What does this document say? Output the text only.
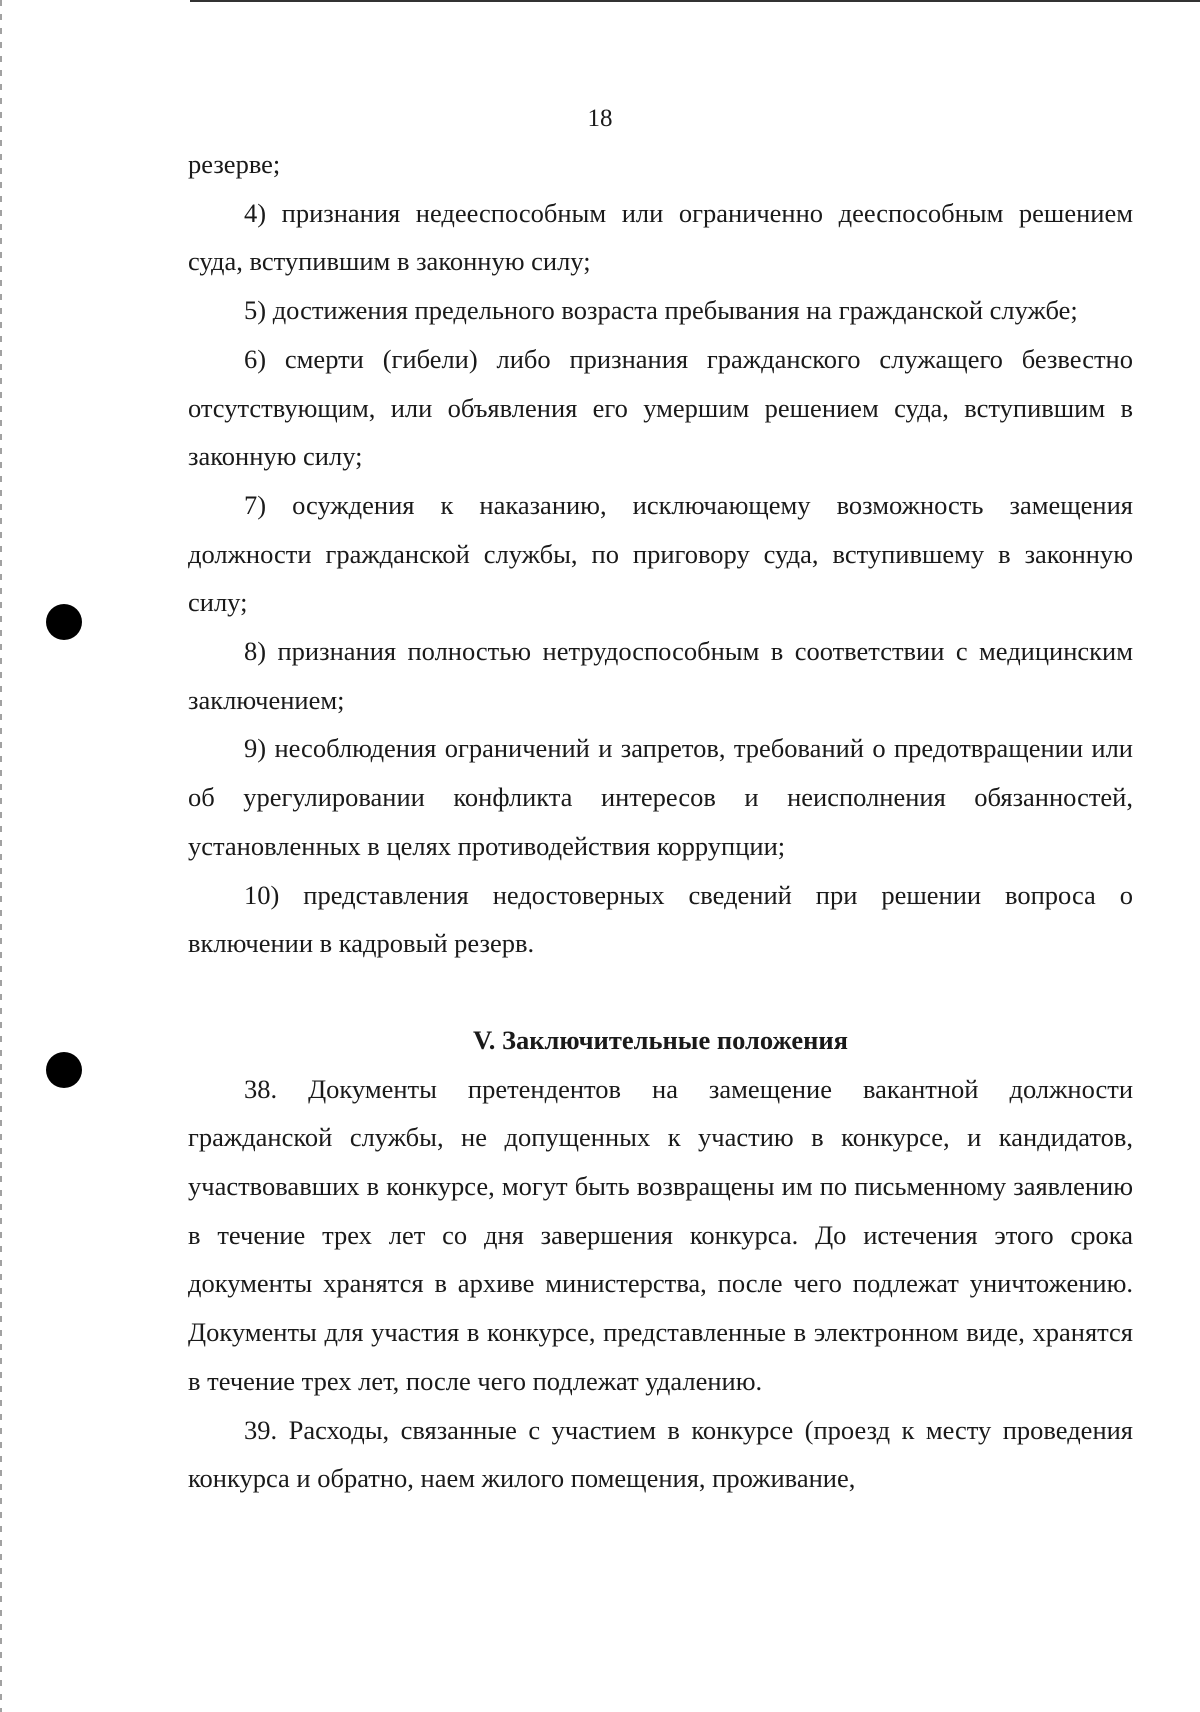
18

резерве;

4) признания недееспособным или ограниченно дееспособным решением суда, вступившим в законную силу;

5) достижения предельного возраста пребывания на гражданской службе;

6) смерти (гибели) либо признания гражданского служащего безвестно отсутствующим, или объявления его умершим решением суда, вступившим в законную силу;

7) осуждения к наказанию, исключающему возможность замещения должности гражданской службы, по приговору суда, вступившему в законную силу;

8) признания полностью нетрудоспособным в соответствии с медицинским заключением;

9) несоблюдения ограничений и запретов, требований о предотвращении или об урегулировании конфликта интересов и неисполнения обязанностей, установленных в целях противодействия коррупции;

10) представления недостоверных сведений при решении вопроса о включении в кадровый резерв.

V. Заключительные положения

38. Документы претендентов на замещение вакантной должности гражданской службы, не допущенных к участию в конкурсе, и кандидатов, участвовавших в конкурсе, могут быть возвращены им по письменному заявлению в течение трех лет со дня завершения конкурса. До истечения этого срока документы хранятся в архиве министерства, после чего подлежат уничтожению. Документы для участия в конкурсе, представленные в электронном виде, хранятся в течение трех лет, после чего подлежат удалению.

39. Расходы, связанные с участием в конкурсе (проезд к месту проведения конкурса и обратно, наем жилого помещения, проживание,
